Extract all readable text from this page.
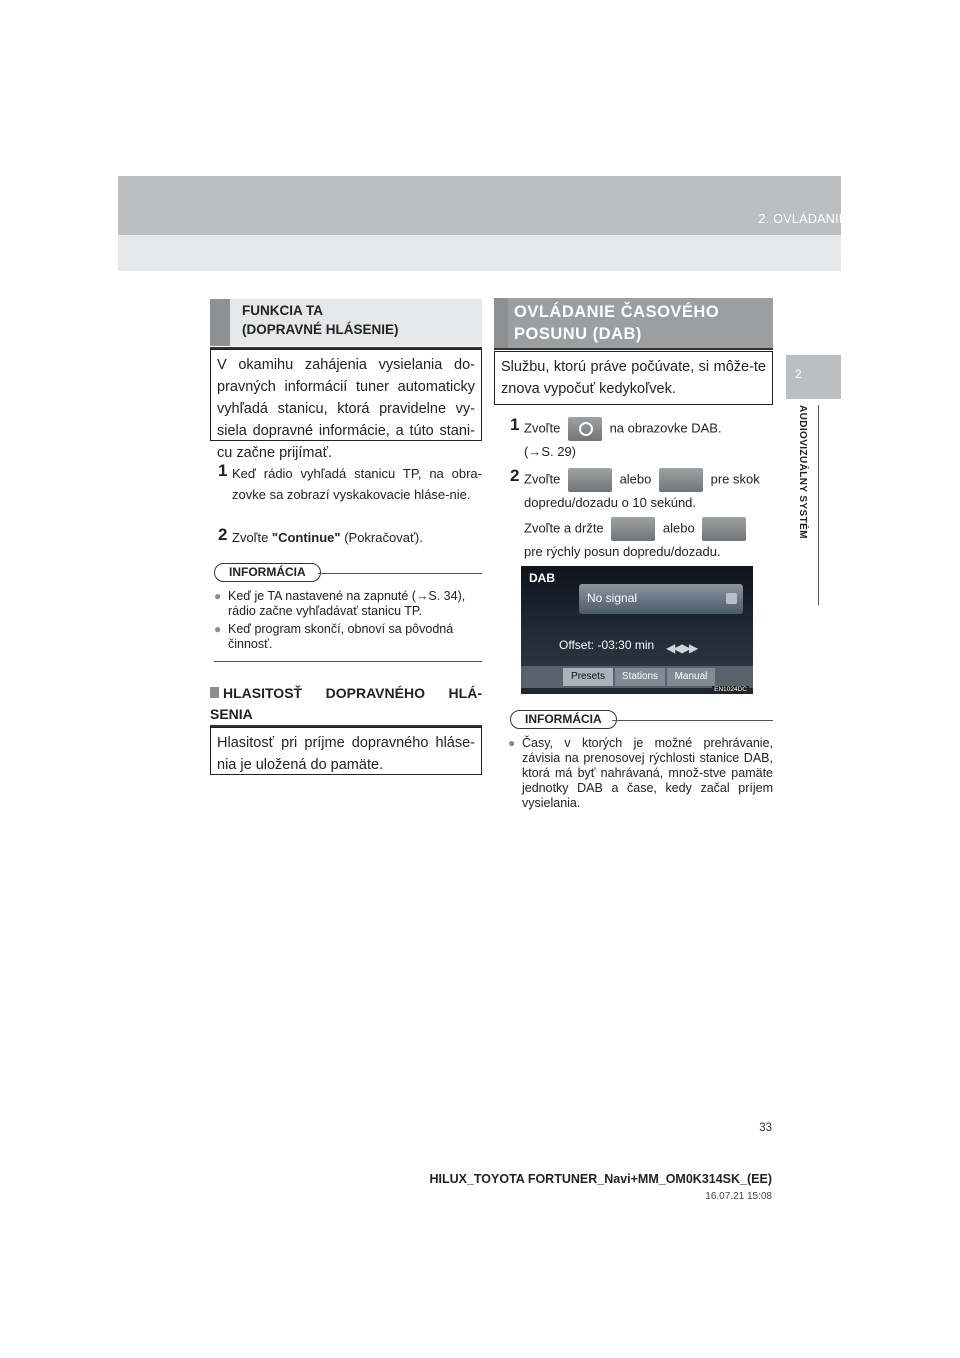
2. OVLÁDANIE RÁDIA
2
AUDIOVIZUÁLNY SYSTÉM
FUNKCIA TA
(DOPRAVNÉ HLÁSENIE)
V okamihu zahájenia vysielania do-pravných informácií tuner automaticky vyhľadá stanicu, ktorá pravidelne vy-siela dopravné informácie, a túto stani-cu začne prijímať.
1 Keď rádio vyhľadá stanicu TP, na obra-zovke sa zobrazí vyskakovacie hláse-nie.
2 Zvoľte "Continue" (Pokračovať).
INFORMÁCIA
● Keď je TA nastavené na zapnuté (→S. 34), rádio začne vyhľadávať stanicu TP.
● Keď program skončí, obnoví sa pôvodná činnosť.
HLASITOSŤ DOPRAVNÉHO HLÁ-SENIA
Hlasitosť pri príjme dopravného hláse-nia je uložená do pamäte.
OVLÁDANIE ČASOVÉHO
POSUNU (DAB)
Službu, ktorú práve počúvate, si môže-te znova vypočuť kedykoľvek.
1 Zvoľte	na obrazovke DAB.
(→S. 29)
2 Zvoľte	alebo	pre skok dopredu/dozadu o 10 sekúnd.
Zvoľte a držte	alebo
pre rýchly posun dopredu/dozadu.
DAB
No signal
Offset: -03:30 min ◀◀ ▶▶
Presets	Stations	Manual
EN1024DC
INFORMÁCIA
● Časy, v ktorých je možné prehrávanie, závisia na prenosovej rýchlosti stanice DAB, ktorá má byť nahrávaná, množ-stve pamäte jednotky DAB a čase, kedy začal príjem vysielania.
33
HILUX_TOYOTA FORTUNER_Navi+MM_OM0K314SK_(EE)
16.07.21 15:08
